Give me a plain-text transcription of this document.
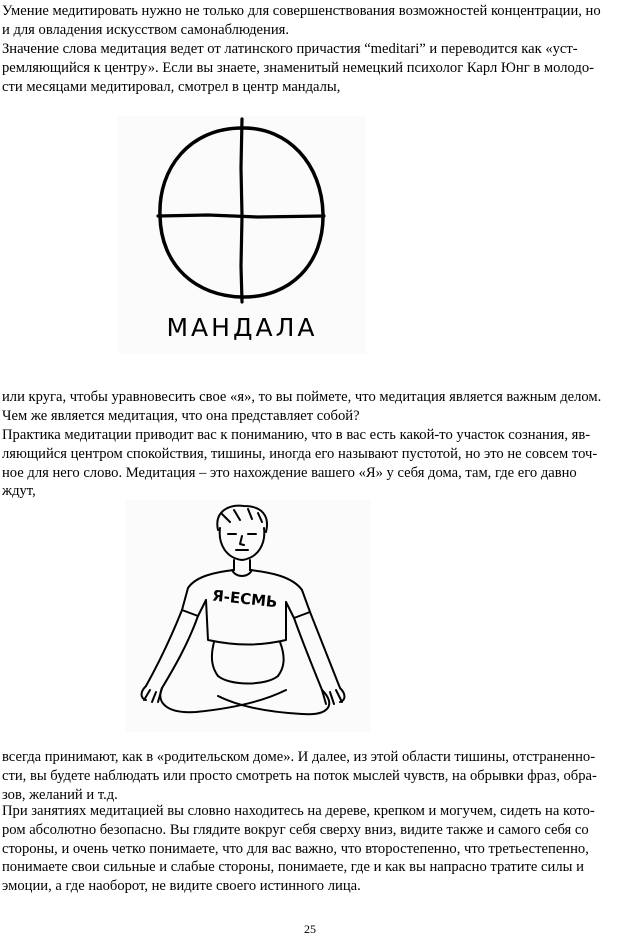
Умение медитировать нужно не только для совершенствования возможностей концентрации, но
и для овладения искусством самонаблюдения.

Значение слова медитация ведет от латинского причастия “meditari” и переводится как «уст-
ремляющийся к центру». Если вы знаете, знаменитый немецкий психолог Карл Юнг в молодо-
сти месяцами медитировал, смотрел в центр мандалы,

МАНДАЛА

или круга, чтобы уравновесить свое «я», то вы поймете, что медитация является важным делом.
Чем же является медитация, что она представляет собой?

Практика медитации приводит вас к пониманию, что в вас есть какой-то участок сознания, яв-
ляющийся центром спокойствия, тишины, иногда его называют пустотой, но это не совсем точ-
ное для него слово. Медитация – это нахождение вашего «Я» у себя дома, там, где его давно
ждут,

Я-ЕСМЬ

всегда принимают, как в «родительском доме». И далее, из этой области тишины, отстраненно-
сти, вы будете наблюдать или просто смотреть на поток мыслей чувств, на обрывки фраз, обра-
зов, желаний и т.д.

При занятиях медитацией вы словно находитесь на дереве, крепком и могучем, сидеть на кото-
ром абсолютно безопасно. Вы глядите вокруг себя сверху вниз, видите также и самого себя со
стороны, и очень четко понимаете, что для вас важно, что второстепенно, что третьестепенно,
понимаете свои сильные и слабые стороны, понимаете, где и как вы напрасно тратите силы и
эмоции, а где наоборот, не видите своего истинного лица.

25
